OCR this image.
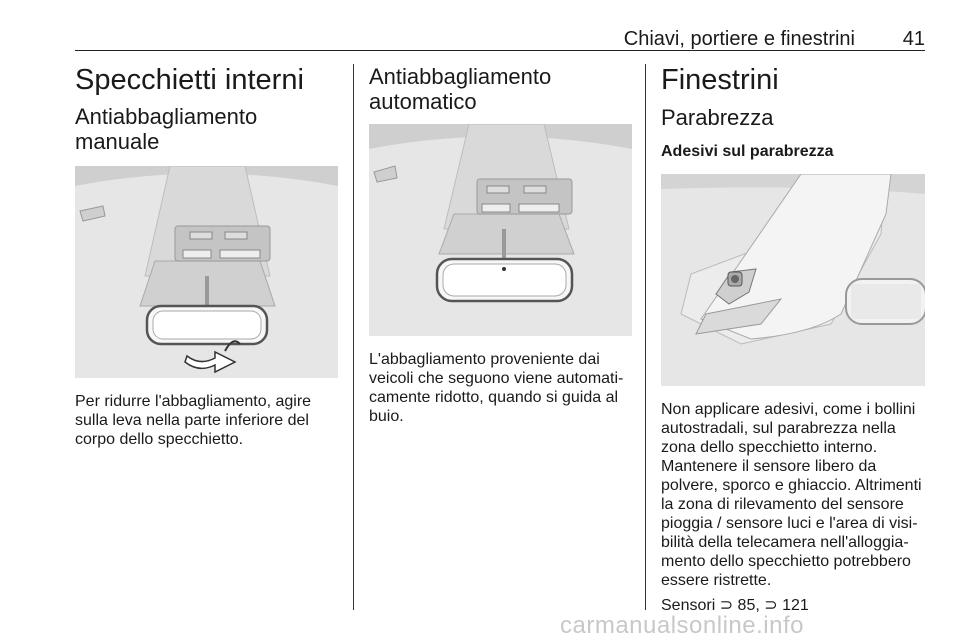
Chiavi, portiere e finestrini 41
Specchietti interni
Antiabbagliamento
manuale

Per ridurre l'abbagliamento, agire

sulla leva nella parte inferiore del

corpo dello specchietto.

Antiabbagliamento
automatico

L'abbagliamento proveniente dai

veicoli che seguono viene automati-

camente ridotto, quando si guida al

buio.

Finestrini
Parabrezza
Adesivi sul parabrezza

Non applicare adesivi, come i bollini

autostradali, sul parabrezza nella

zona dello specchietto interno.

Mantenere il sensore libero da

polvere, sporco e ghiaccio. Altrimenti

la zona di rilevamento del sensore

pioggia / sensore luci e l'area di visi-

bilità della telecamera nell'alloggia-

mento dello specchietto potrebbero

essere ristrette.

Sensori ⊃ 85, ⊃ 121

carmanualsonline.info
